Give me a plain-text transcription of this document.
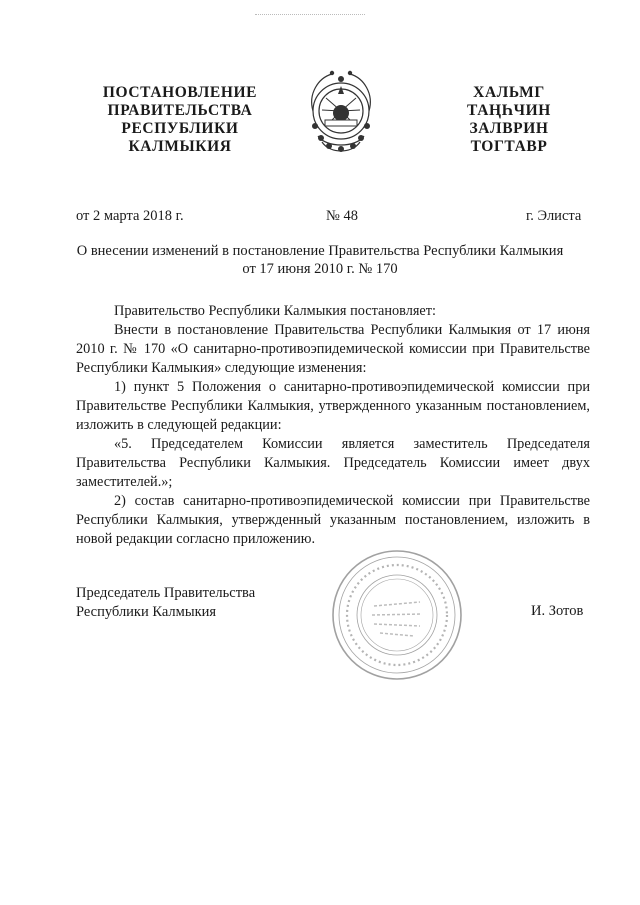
ПОСТАНОВЛЕНИЕ
ПРАВИТЕЛЬСТВА
РЕСПУБЛИКИ
КАЛМЫКИЯ
ХАЛЬМГ
ТАҢҺЧИН
ЗАЛВРИН
ТОГТАВР
от 2 марта 2018 г.	№ 48	г. Элиста
О внесении изменений в постановление Правительства Республики Калмыкия
от 17 июня 2010 г. № 170

Правительство Республики Калмыкия постановляет:

Внести в постановление Правительства Республики Калмыкия от 17 июня 2010 г. № 170 «О санитарно-противоэпидемической комиссии при Правительстве Республики Калмыкия» следующие изменения:

1) пункт 5 Положения о санитарно-противоэпидемической комиссии при Правительстве Республики Калмыкия, утвержденного указанным постановлением, изложить в следующей редакции:

«5. Председателем Комиссии является заместитель Председателя Правительства Республики Калмыкия. Председатель Комиссии имеет двух заместителей.»;

2) состав санитарно-противоэпидемической комиссии при Правительстве Республики Калмыкия, утвержденный указанным постановлением, изложить в новой редакции согласно приложению.

Председатель Правительства
Республики Калмыкия	И. Зотов
